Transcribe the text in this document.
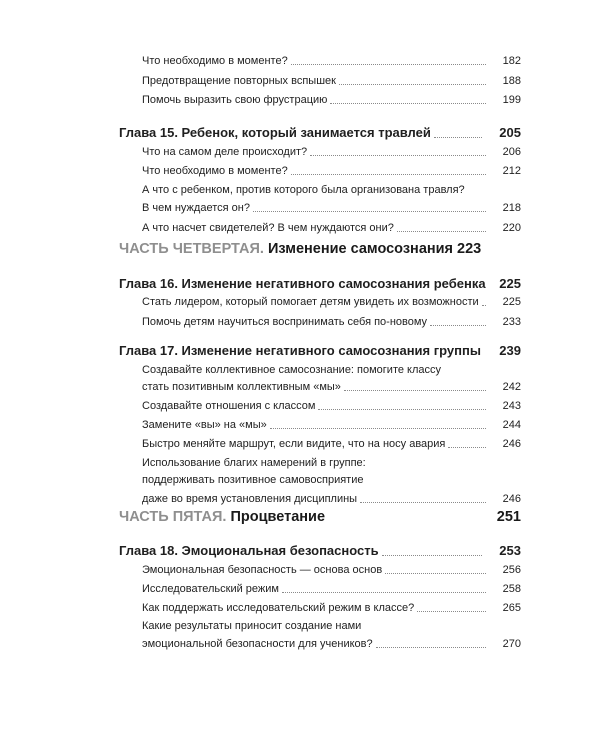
Что необходимо в моменте?	182
Предотвращение повторных вспышек	188
Помочь выразить свою фрустрацию	199
Глава 15. Ребенок, который занимается травлей	205
Что на самом деле происходит?	206
Что необходимо в моменте?	212
А что с ребенком, против которого была организована травля?
В чем нуждается он?	218
А что насчет свидетелей? В чем нуждаются они?	220
ЧАСТЬ ЧЕТВЕРТАЯ. Изменение самосознания 223
Глава 16. Изменение негативного самосознания ребенка	225
Стать лидером, который помогает детям увидеть их возможности	225
Помочь детям научиться воспринимать себя по-новому	233
Глава 17. Изменение негативного самосознания группы	239
Создавайте коллективное самосознание: помогите классу
стать позитивным коллективным «мы»	242
Создавайте отношения с классом	243
Замените «вы» на «мы»	244
Быстро меняйте маршрут, если видите, что на носу авария	246
Использование благих намерений в группе:
поддерживать позитивное самовосприятие
даже во время установления дисциплины	246
ЧАСТЬ ПЯТАЯ. Процветание	251
Глава 18. Эмоциональная безопасность	253
Эмоциональная безопасность — основа основ	256
Исследовательский режим	258
Как поддержать исследовательский режим в классе?	265
Какие результаты приносит создание нами
эмоциональной безопасности для учеников?	270
